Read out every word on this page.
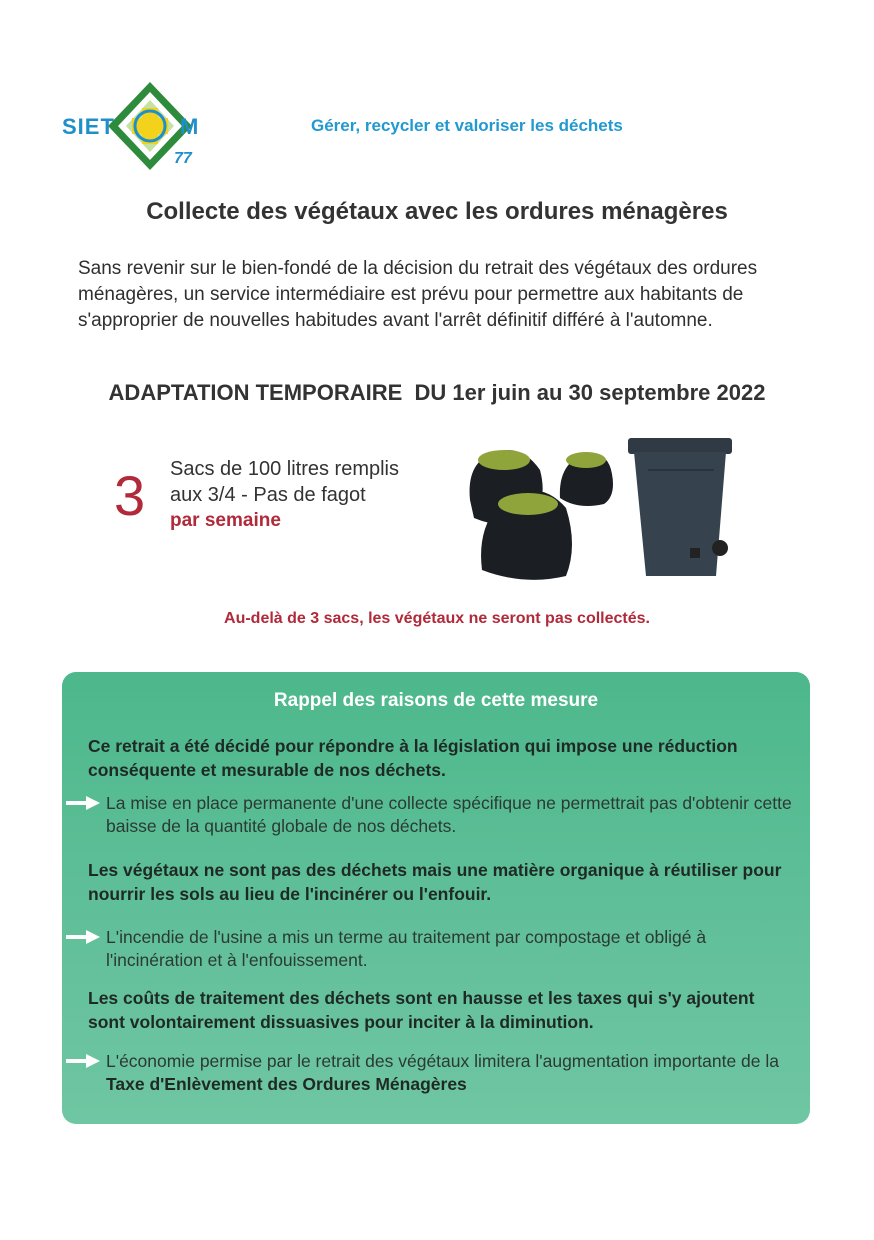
SIET	M
77
Gérer, recycler et valoriser les déchets
Collecte des végétaux avec les ordures ménagères
Sans revenir sur le bien-fondé de la décision du retrait des végétaux des ordures ménagères, un service intermédiaire est prévu pour permettre aux habitants de s'approprier de nouvelles habitudes avant l'arrêt définitif différé à l'automne.
ADAPTATION TEMPORAIRE  DU 1er juin au 30 septembre 2022
3 Sacs de 100 litres remplis
aux 3/4 - Pas de fagot
par semaine
Au-delà de 3 sacs, les végétaux ne seront pas collectés.
Rappel des raisons de cette mesure
Ce retrait a été décidé pour répondre à la législation qui impose une réduction conséquente et mesurable de nos déchets.
La mise en place permanente d'une collecte spécifique ne permettrait pas d'obtenir cette baisse de la quantité globale de nos déchets.
Les végétaux ne sont pas des déchets mais une matière organique à réutiliser pour nourrir les sols au lieu de l'incinérer ou l'enfouir.
L'incendie de l'usine a mis un terme au traitement par compostage et obligé à l'incinération et à l'enfouissement.
Les coûts de traitement des déchets sont en hausse et les taxes qui s'y ajoutent sont volontairement dissuasives pour inciter à la diminution.
L'économie permise par le retrait des végétaux limitera l'augmentation importante de la Taxe d'Enlèvement des Ordures Ménagères
